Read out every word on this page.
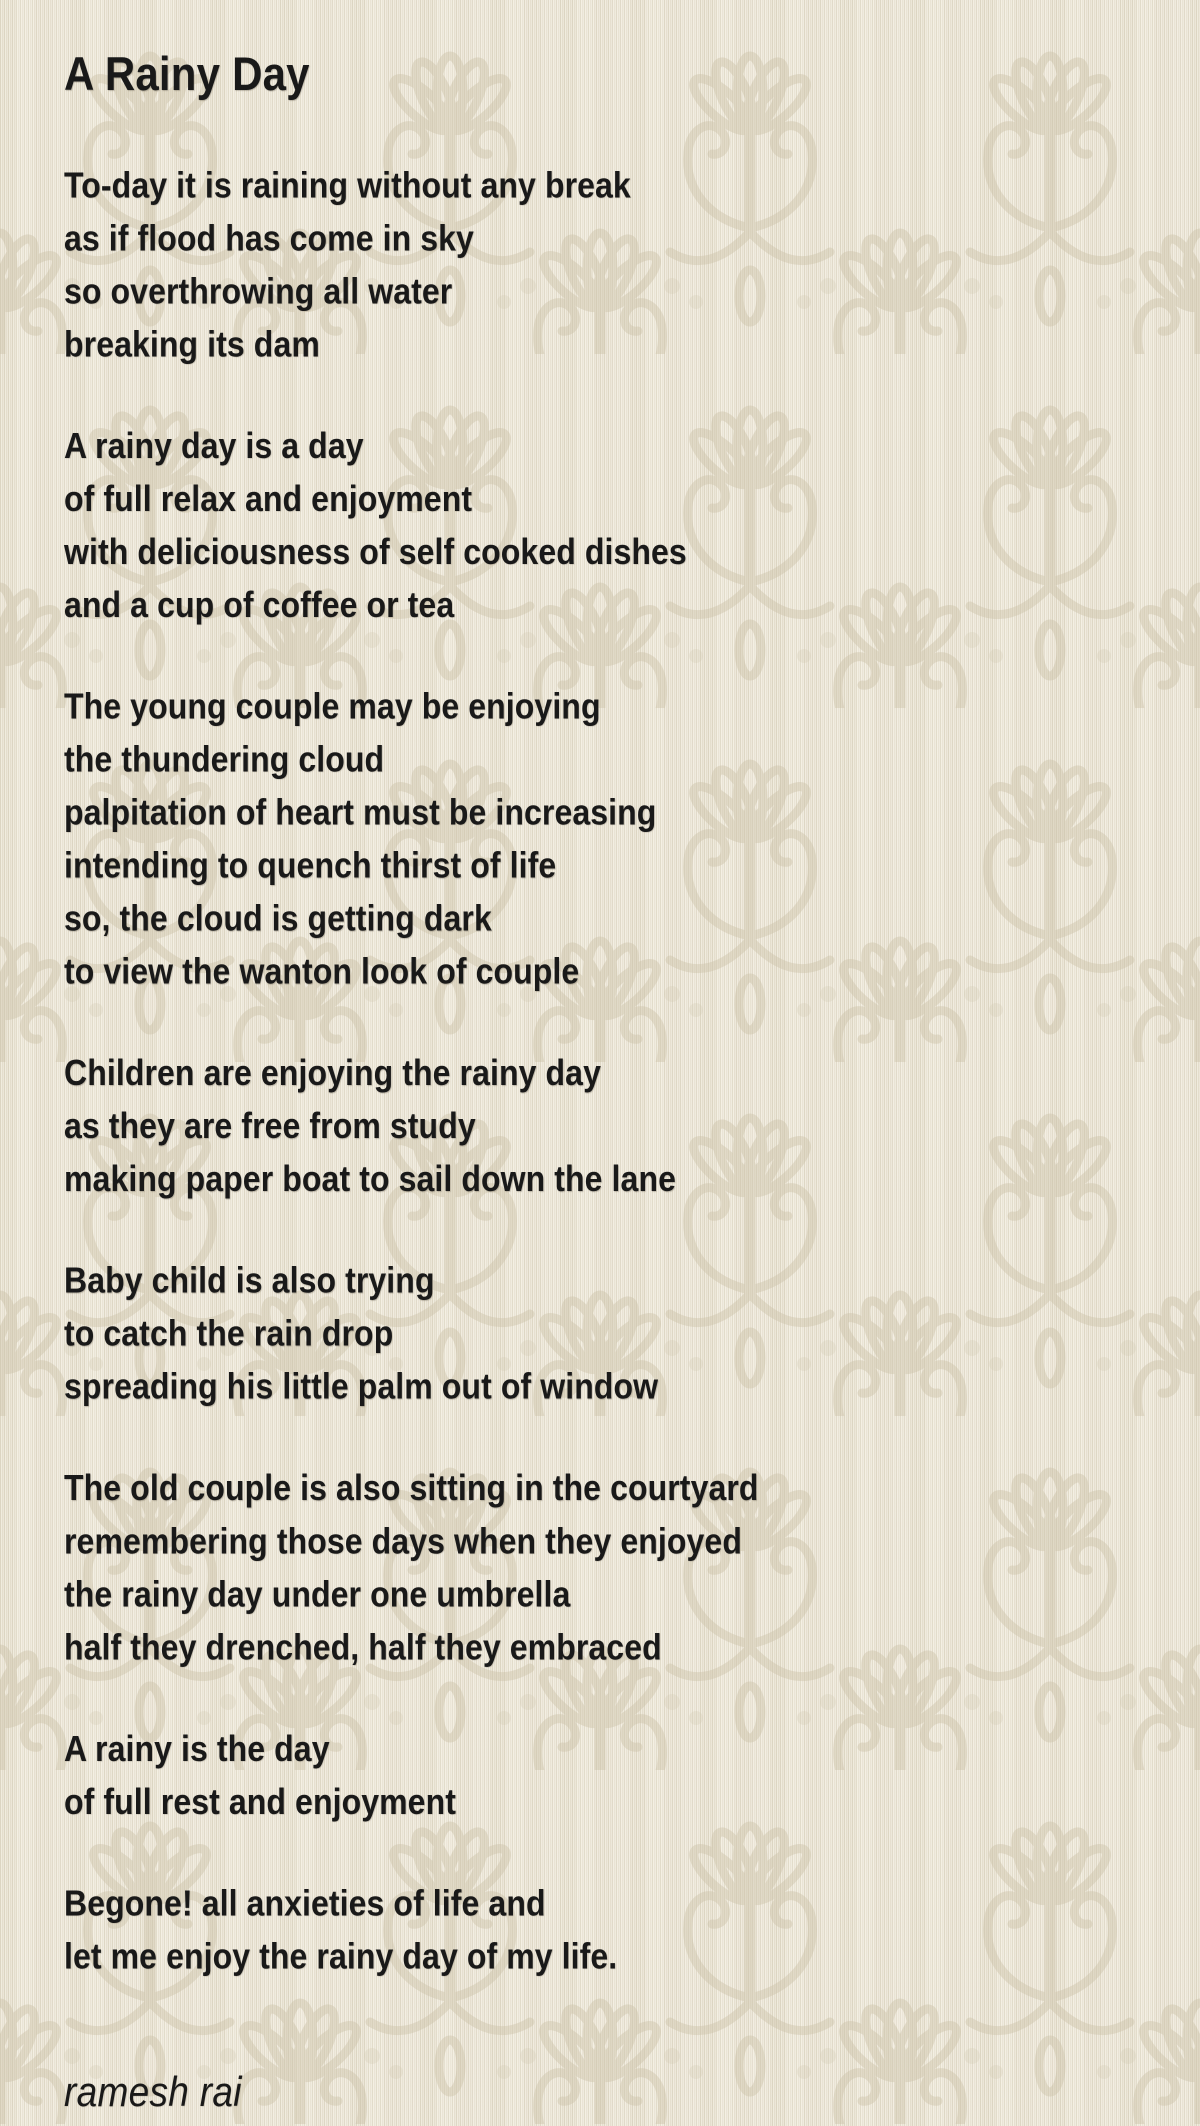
A Rainy Day
To-day it is raining without any break
as if flood has come in sky
so overthrowing all water
breaking its dam
A rainy day is a day
of full relax and enjoyment
with deliciousness of self cooked dishes
and a cup of coffee or tea
The young couple may be enjoying
the thundering cloud
palpitation of heart must be increasing
intending to quench thirst of life
so, the cloud is getting dark
to view the wanton look of couple
Children are enjoying the rainy day
as they are free from study
making paper boat to sail down the lane
Baby child is also trying
to catch the rain drop
spreading his little palm out of window
The old couple is also sitting in the courtyard
remembering those days when they enjoyed
the rainy day under one umbrella
half they drenched, half they embraced
A rainy is the day
of full rest and enjoyment
Begone! all anxieties of life and
let me enjoy the rainy day of my life.
ramesh rai
